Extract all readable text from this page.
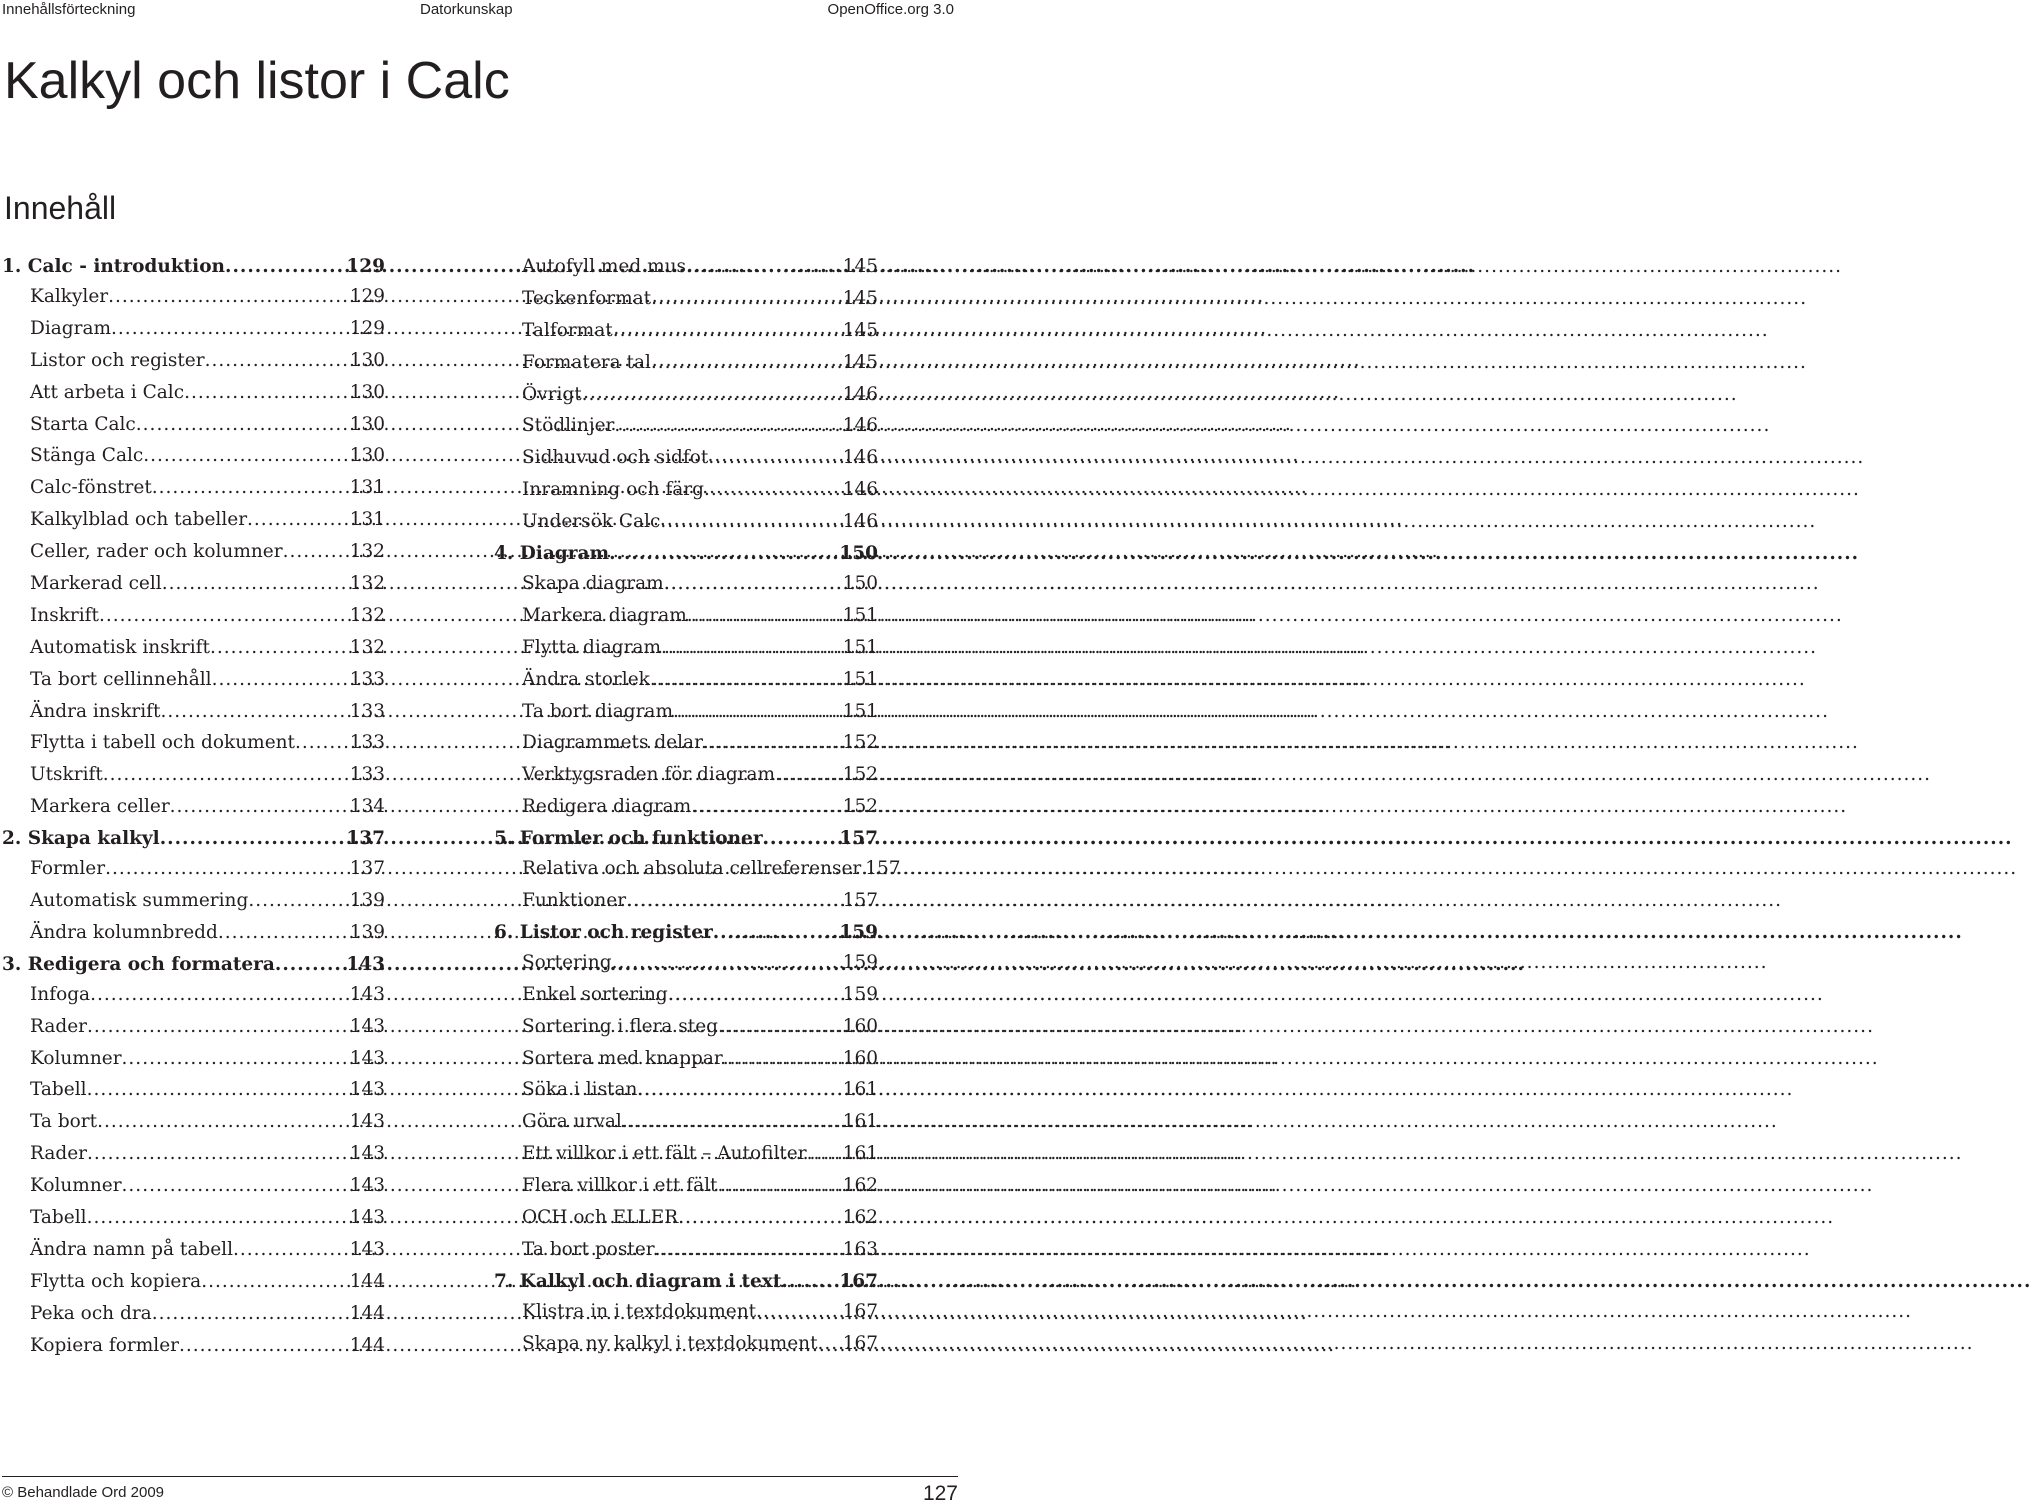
Innehållsförteckning	Datorkunskap	OpenOffice.org 3.0
Kalkyl och listor i Calc
Innehåll
1. Calc - introduktion .....	129
Kalkyler .....	129
Diagram .....	129
Listor och register .....	130
Att arbeta i Calc .....	130
Starta Calc .....	130
Stänga Calc .....	130
Calc-fönstret .....	131
Kalkylblad och tabeller .....	131
Celler, rader och kolumner .....	132
Markerad cell .....	132
Inskrift .....	132
Automatisk inskrift .....	132
Ta bort cellinnehåll .....	133
Ändra inskrift .....	133
Flytta i tabell och dokument .....	133
Utskrift .....	133
Markera celler .....	134
2. Skapa kalkyl .....	137
Formler .....	137
Automatisk summering .....	139
Ändra kolumnbredd .....	139
3. Redigera och formatera .....	143
Infoga .....	143
Rader .....	143
Kolumner .....	143
Tabell .....	143
Ta bort .....	143
Rader .....	143
Kolumner .....	143
Tabell .....	143
Ändra namn på tabell .....	143
Flytta och kopiera .....	144
Peka och dra .....	144
Kopiera formler .....	144
Autofyll med mus .....	145
Teckenformat .....	145
Talformat .....	145
Formatera tal .....	145
Övrigt .....	146
Stödlinjer .....	146
Sidhuvud och sidfot .....	146
Inramning och färg .....	146
Undersök Calc .....	146
4. Diagram .....	150
Skapa diagram .....	150
Markera diagram .....	151
Flytta diagram .....	151
Ändra storlek .....	151
Ta bort diagram .....	151
Diagrammets delar .....	152
Verktygsraden för diagram .....	152
Redigera diagram .....	152
5. Formler och funktioner .....	157
Relativa och absoluta cellreferenser ..... 157
Funktioner .....	157
6. Listor och register .....	159
Sortering .....	159
Enkel sortering .....	159
Sortering i flera steg .....	160
Sortera med knappar .....	160
Söka i listan .....	161
Göra urval .....	161
Ett villkor i ett fält – Autofilter ..... 161
Flera villkor i ett fält .....	162
OCH och ELLER .....	162
Ta bort poster .....	163
7. Kalkyl och diagram i text .....	167
Klistra in i textdokument .....	167
Skapa ny kalkyl i textdokument ..... 167
© Behandlade Ord 2009	127
